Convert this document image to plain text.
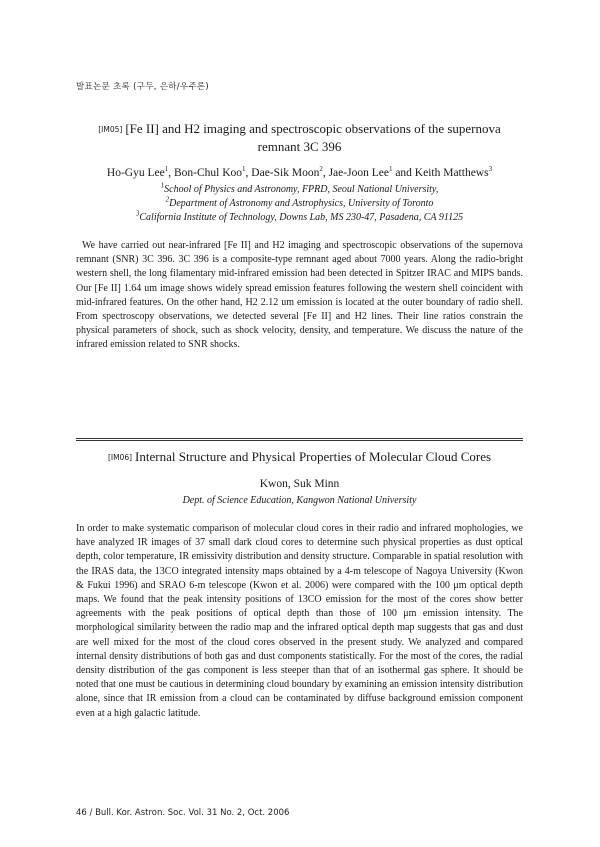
발표논문 초록 (구두, 은하/우주론)
[IM05] [Fe II] and H2 imaging and spectroscopic observations of the supernova remnant 3C 396
Ho-Gyu Lee$^1$, Bon-Chul Koo$^1$, Dae-Sik Moon$^2$, Jae-Joon Lee$^1$ and Keith Matthews$^3$
$^1$School of Physics and Astronomy, FPRD, Seoul National University,
$^2$Department of Astronomy and Astrophysics, University of Toronto
$^3$California Institute of Technology, Downs Lab, MS 230-47, Pasadena, CA 91125

We have carried out near-infrared [Fe II] and H2 imaging and spectroscopic observations of the supernova remnant (SNR) 3C 396. 3C 396 is a composite-type remnant aged about 7000 years. Along the radio-bright western shell, the long filamentary mid-infrared emission had been detected in Spitzer IRAC and MIPS bands. Our [Fe II] 1.64 um image shows widely spread emission features following the western shell coincident with mid-infrared features. On the other hand, H2 2.12 um emission is located at the outer boundary of radio shell. From spectroscopy observations, we detected several [Fe II] and H2 lines. Their line ratios constrain the physical parameters of shock, such as shock velocity, density, and temperature. We discuss the nature of the infrared emission related to SNR shocks.

[IM06] Internal Structure and Physical Properties of Molecular Cloud Cores
Kwon, Suk Minn
Dept. of Science Education, Kangwon National University

In order to make systematic comparison of molecular cloud cores in their radio and infrared mophologies, we have analyzed IR images of 37 small dark cloud cores to determine such physical properties as dust optical depth, color temperature, IR emissivity distribution and density structure. Comparable in spatial resolution with the IRAS data, the 13CO integrated intensity maps obtained by a 4-m telescope of Nagoya University (Kwon & Fukui 1996) and SRAO 6-m telescope (Kwon et al. 2006) were compared with the 100 μm optical depth maps. We found that the peak intensity positions of 13CO emission for the most of the cores show better agreements with the peak positions of optical depth than those of 100 μm emission intensity. The morphological similarity between the radio map and the infrared optical depth map suggests that gas and dust are well mixed for the most of the cloud cores observed in the present study. We analyzed and compared internal density distributions of both gas and dust components statistically. For the most of the cores, the radial density distribution of the gas component is less steeper than that of an isothermal gas sphere. It should be noted that one must be cautious in determining cloud boundary by examining an emission intensity distribution alone, since that IR emission from a cloud can be contaminated by diffuse background emission component even at a high galactic latitude.

46 / Bull. Kor. Astron. Soc. Vol. 31 No. 2, Oct. 2006
